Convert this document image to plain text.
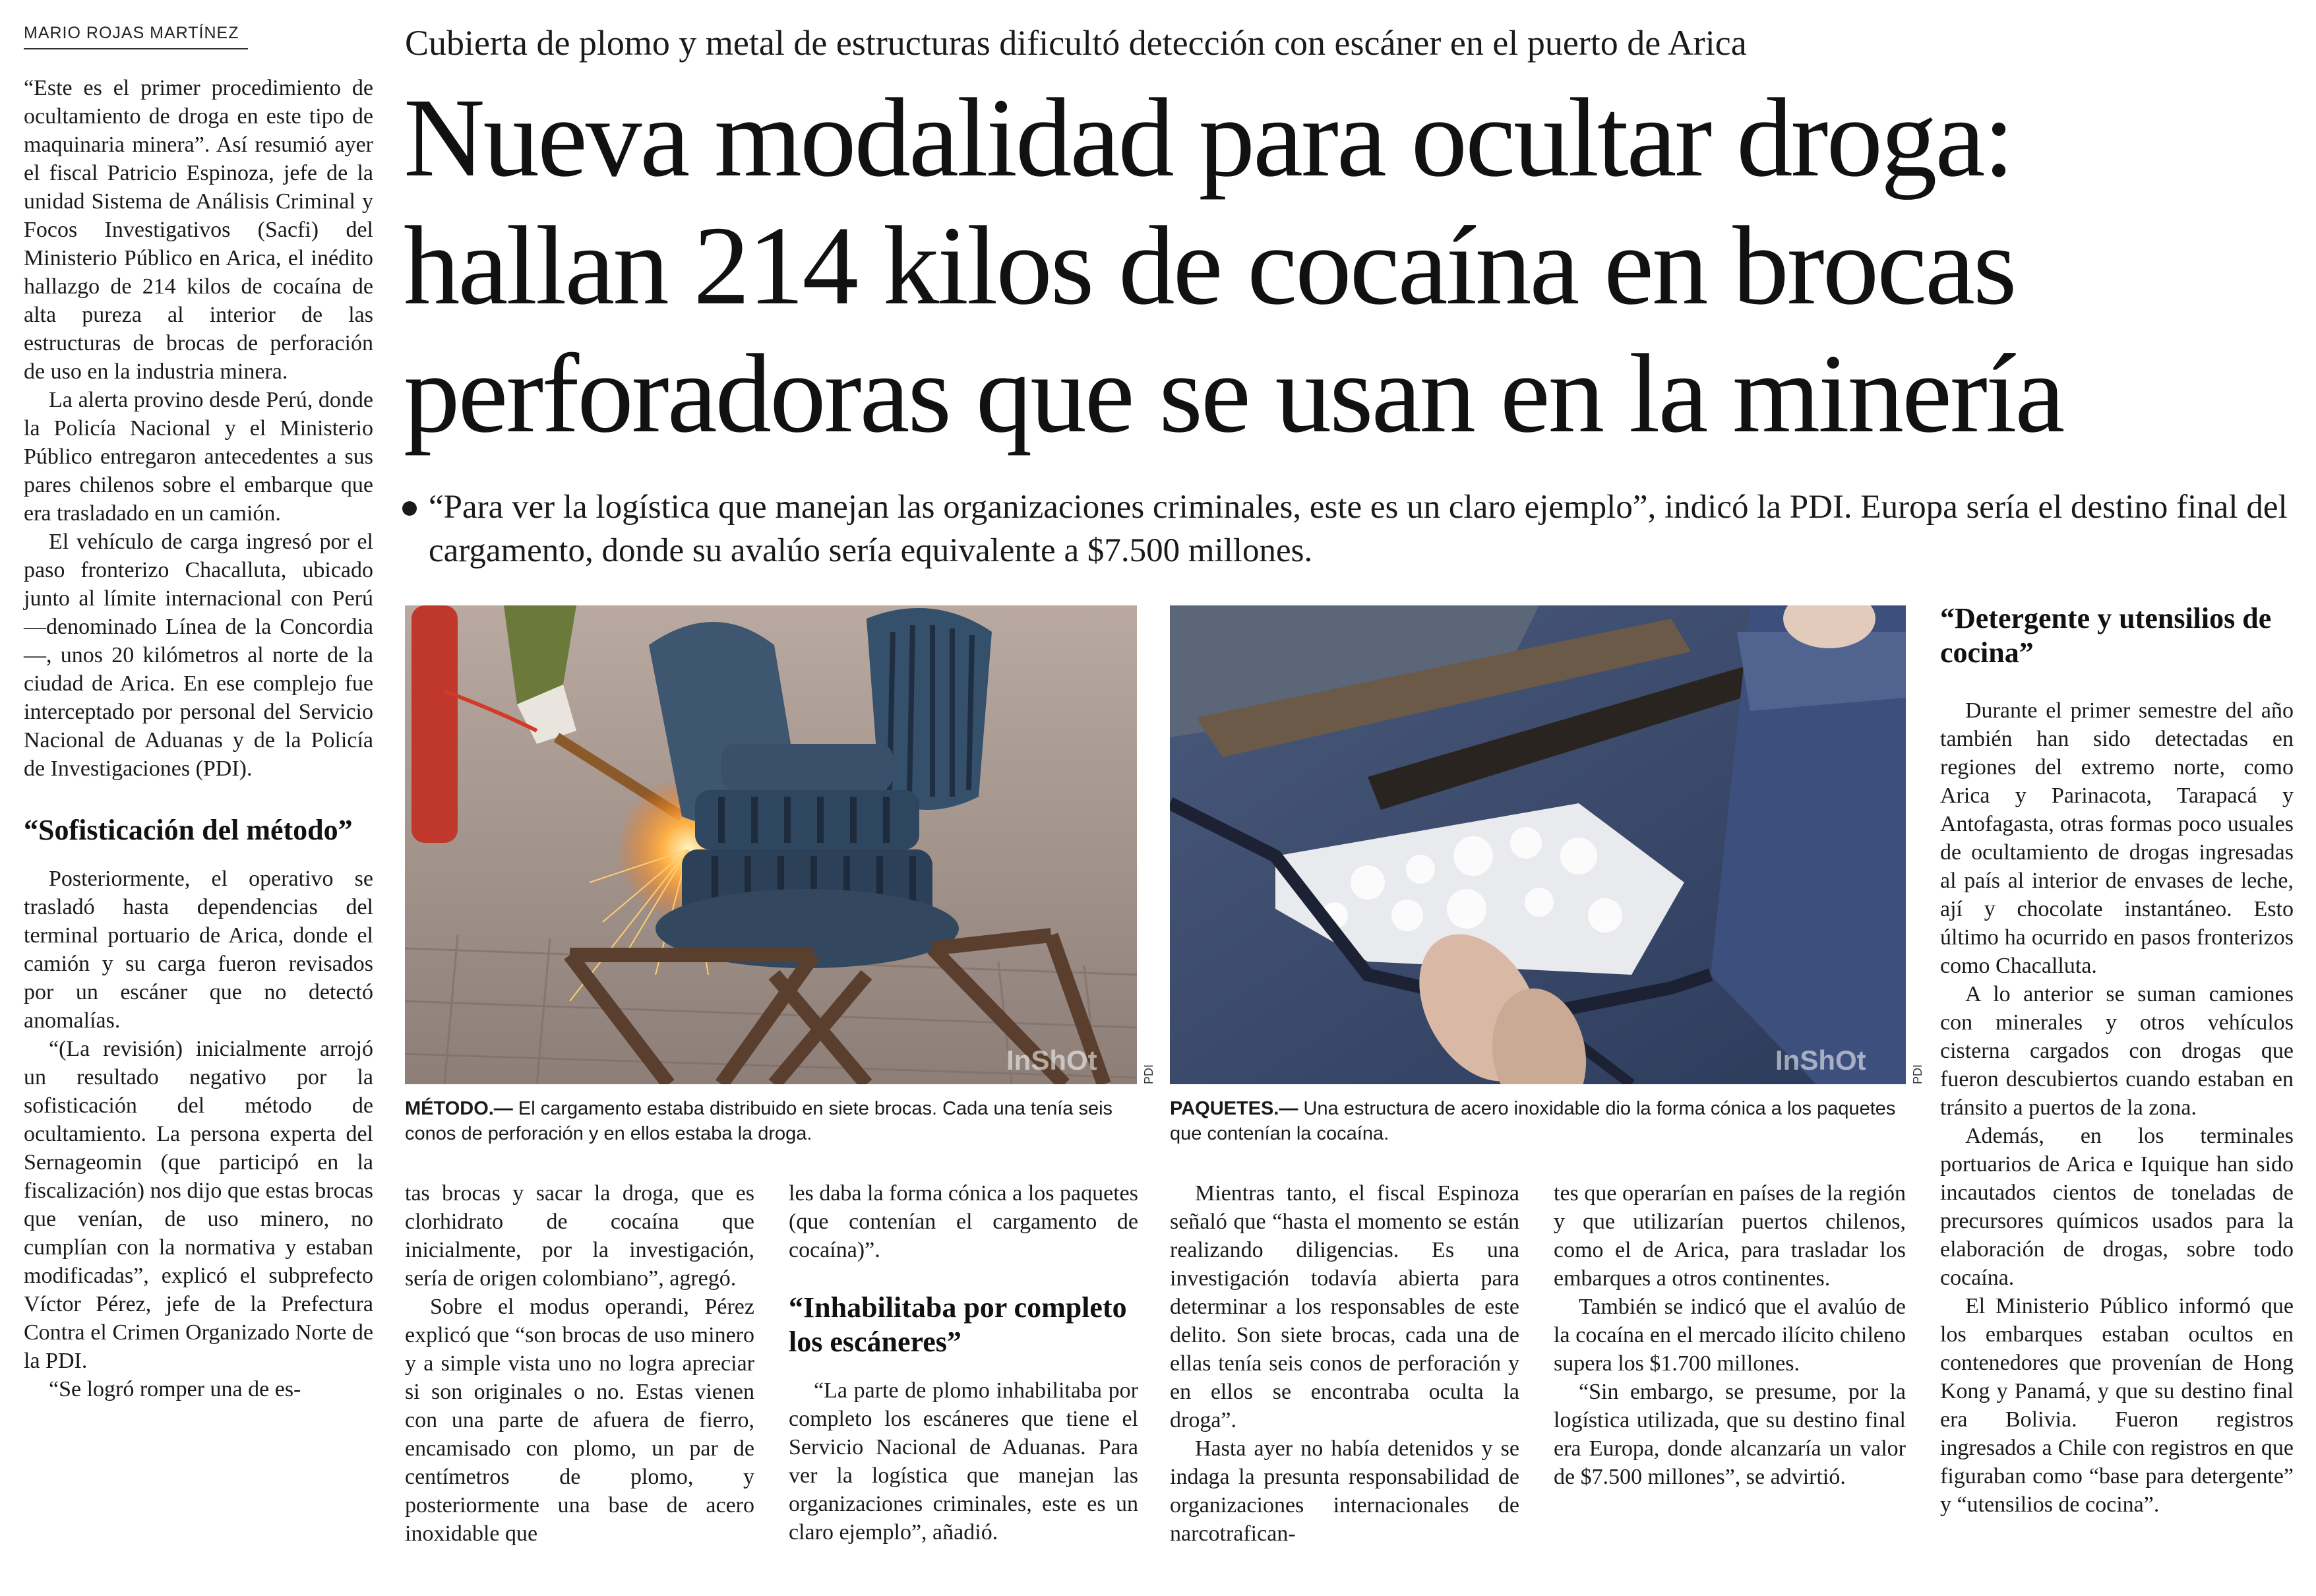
MARIO ROJAS MARTÍNEZ	Cubierta de plomo y metal de estructuras dificultó detección con escáner en el puerto de Arica
Nueva modalidad para ocultar droga:
hallan 214 kilos de cocaína en brocas
perforadoras que se usan en la minería
“Para ver la logística que manejan las organizaciones criminales, este es un claro ejemplo”, indicó la PDI. Europa sería el destino final del cargamento, donde su avalúo sería equivalente a $7.500 millones.

“Este es el primer procedimiento de ocultamiento de droga en este tipo de maquinaria minera”. Así resumió ayer el fiscal Patricio Espinoza, jefe de la unidad Sistema de Análisis Criminal y Focos Investigativos (Sacfi) del Ministerio Público en Arica, el inédito hallazgo de 214 kilos de cocaína de alta pureza al interior de las estructuras de brocas de perforación de uso en la industria minera.

La alerta provino desde Perú, donde la Policía Nacional y el Ministerio Público entregaron antecedentes a sus pares chilenos sobre el embarque que era trasladado en un camión.

El vehículo de carga ingresó por el paso fronterizo Chacalluta, ubicado junto al límite internacional con Perú —denominado Línea de la Concordia—, unos 20 kilómetros al norte de la ciudad de Arica. En ese complejo fue interceptado por personal del Servicio Nacional de Aduanas y de la Policía de Investigaciones (PDI).

“Sofisticación del método”

Posteriormente, el operativo se trasladó hasta dependencias del terminal portuario de Arica, donde el camión y su carga fueron revisados por un escáner que no detectó anomalías.

“(La revisión) inicialmente arrojó un resultado negativo por la sofisticación del método de ocultamiento. La persona experta del Sernageomin (que participó en la fiscalización) nos dijo que estas brocas que venían, de uso minero, no cumplían con la normativa y estaban modificadas”, explicó el subprefecto Víctor Pérez, jefe de la Prefectura Contra el Crimen Organizado Norte de la PDI.

“Se logró romper una de es-

InShOt	PDI
MÉTODO.— El cargamento estaba distribuido en siete brocas. Cada una tenía seis conos de perforación y en ellos estaba la droga.
InShOt	PDI
PAQUETES.— Una estructura de acero inoxidable dio la forma cónica a los paquetes que contenían la cocaína.

tas brocas y sacar la droga, que es clorhidrato de cocaína que inicialmente, por la investigación, sería de origen colombiano”, agregó.

Sobre el modus operandi, Pérez explicó que “son brocas de uso minero y a simple vista uno no logra apreciar si son originales o no. Estas vienen con una parte de afuera de fierro, encamisado con plomo, un par de centímetros de plomo, y posteriormente una base de acero inoxidable que

les daba la forma cónica a los paquetes (que contenían el cargamento de cocaína)”.

“Inhabilitaba por completo los escáneres”

“La parte de plomo inhabilitaba por completo los escáneres que tiene el Servicio Nacional de Aduanas. Para ver la logística que manejan las organizaciones criminales, este es un claro ejemplo”, añadió.

Mientras tanto, el fiscal Espinoza señaló que “hasta el momento se están realizando diligencias. Es una investigación todavía abierta para determinar a los responsables de este delito. Son siete brocas, cada una de ellas tenía seis conos de perforación y en ellos se encontraba oculta la droga”.

Hasta ayer no había detenidos y se indaga la presunta responsabilidad de organizaciones internacionales de narcotrafican-

tes que operarían en países de la región y que utilizarían puertos chilenos, como el de Arica, para trasladar los embarques a otros continentes.

También se indicó que el avalúo de la cocaína en el mercado ilícito chileno supera los $1.700 millones.

“Sin embargo, se presume, por la logística utilizada, que su destino final era Europa, donde alcanzaría un valor de $7.500 millones”, se advirtió.

“Detergente y utensilios de cocina”

Durante el primer semestre del año también han sido detectadas en regiones del extremo norte, como Arica y Parinacota, Tarapacá y Antofagasta, otras formas poco usuales de ocultamiento de drogas ingresadas al país al interior de envases de leche, ají y chocolate instantáneo. Esto último ha ocurrido en pasos fronterizos como Chacalluta.

A lo anterior se suman camiones con minerales y otros vehículos cisterna cargados con drogas que fueron descubiertos cuando estaban en tránsito a puertos de la zona.

Además, en los terminales portuarios de Arica e Iquique han sido incautados cientos de toneladas de precursores químicos usados para la elaboración de drogas, sobre todo cocaína.

El Ministerio Público informó que los embarques estaban ocultos en contenedores que provenían de Hong Kong y Panamá, y que su destino final era Bolivia. Fueron registros ingresados a Chile con registros en que figuraban como “base para detergente” y “utensilios de cocina”.
